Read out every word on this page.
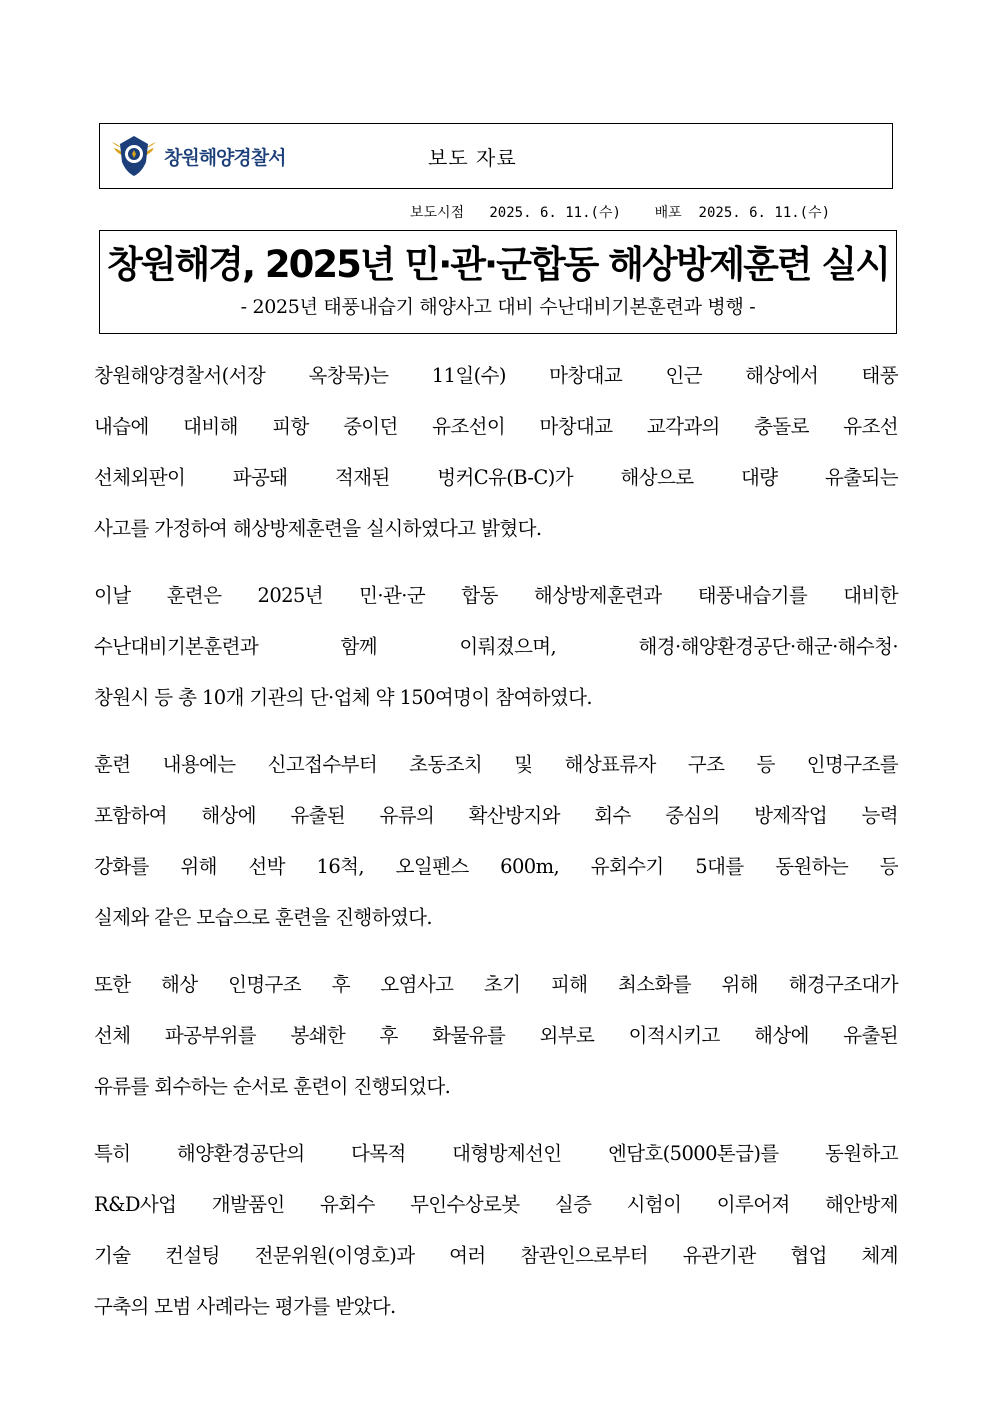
창원해양경찰서	보도 자료
보도시점   2025. 6. 11.(수)    배포  2025. 6. 11.(수)
창원해경, 2025년 민·관·군합동 해상방제훈련 실시
- 2025년 태풍내습기 해양사고 대비 수난대비기본훈련과 병행 -
창원해양경찰서(서장 옥창묵)는 11일(수) 마창대교 인근 해상에서 태풍
내습에 대비해 피항 중이던 유조선이 마창대교 교각과의 충돌로 유조선
선체외판이 파공돼 적재된 벙커C유(B-C)가 해상으로 대량 유출되는
사고를 가정하여 해상방제훈련을 실시하였다고 밝혔다.
이날 훈련은 2025년 민·관·군 합동 해상방제훈련과 태풍내습기를 대비한
수난대비기본훈련과 함께 이뤄졌으며, 해경·해양환경공단·해군·해수청·
창원시 등 총 10개 기관의 단·업체 약 150여명이 참여하였다.
훈련 내용에는 신고접수부터 초동조치 및 해상표류자 구조 등 인명구조를
포함하여 해상에 유출된 유류의 확산방지와 회수 중심의 방제작업 능력
강화를 위해 선박 16척, 오일펜스 600m, 유회수기 5대를 동원하는 등
실제와 같은 모습으로 훈련을 진행하였다.
또한 해상 인명구조 후 오염사고 초기 피해 최소화를 위해 해경구조대가
선체 파공부위를 봉쇄한 후 화물유를 외부로 이적시키고 해상에 유출된
유류를 회수하는 순서로 훈련이 진행되었다.
특히 해양환경공단의 다목적 대형방제선인 엔담호(5000톤급)를 동원하고
R&D사업 개발품인 유회수 무인수상로봇 실증 시험이 이루어져 해안방제
기술 컨설팅 전문위원(이영호)과 여러 참관인으로부터 유관기관 협업 체계
구축의 모범 사례라는 평가를 받았다.
